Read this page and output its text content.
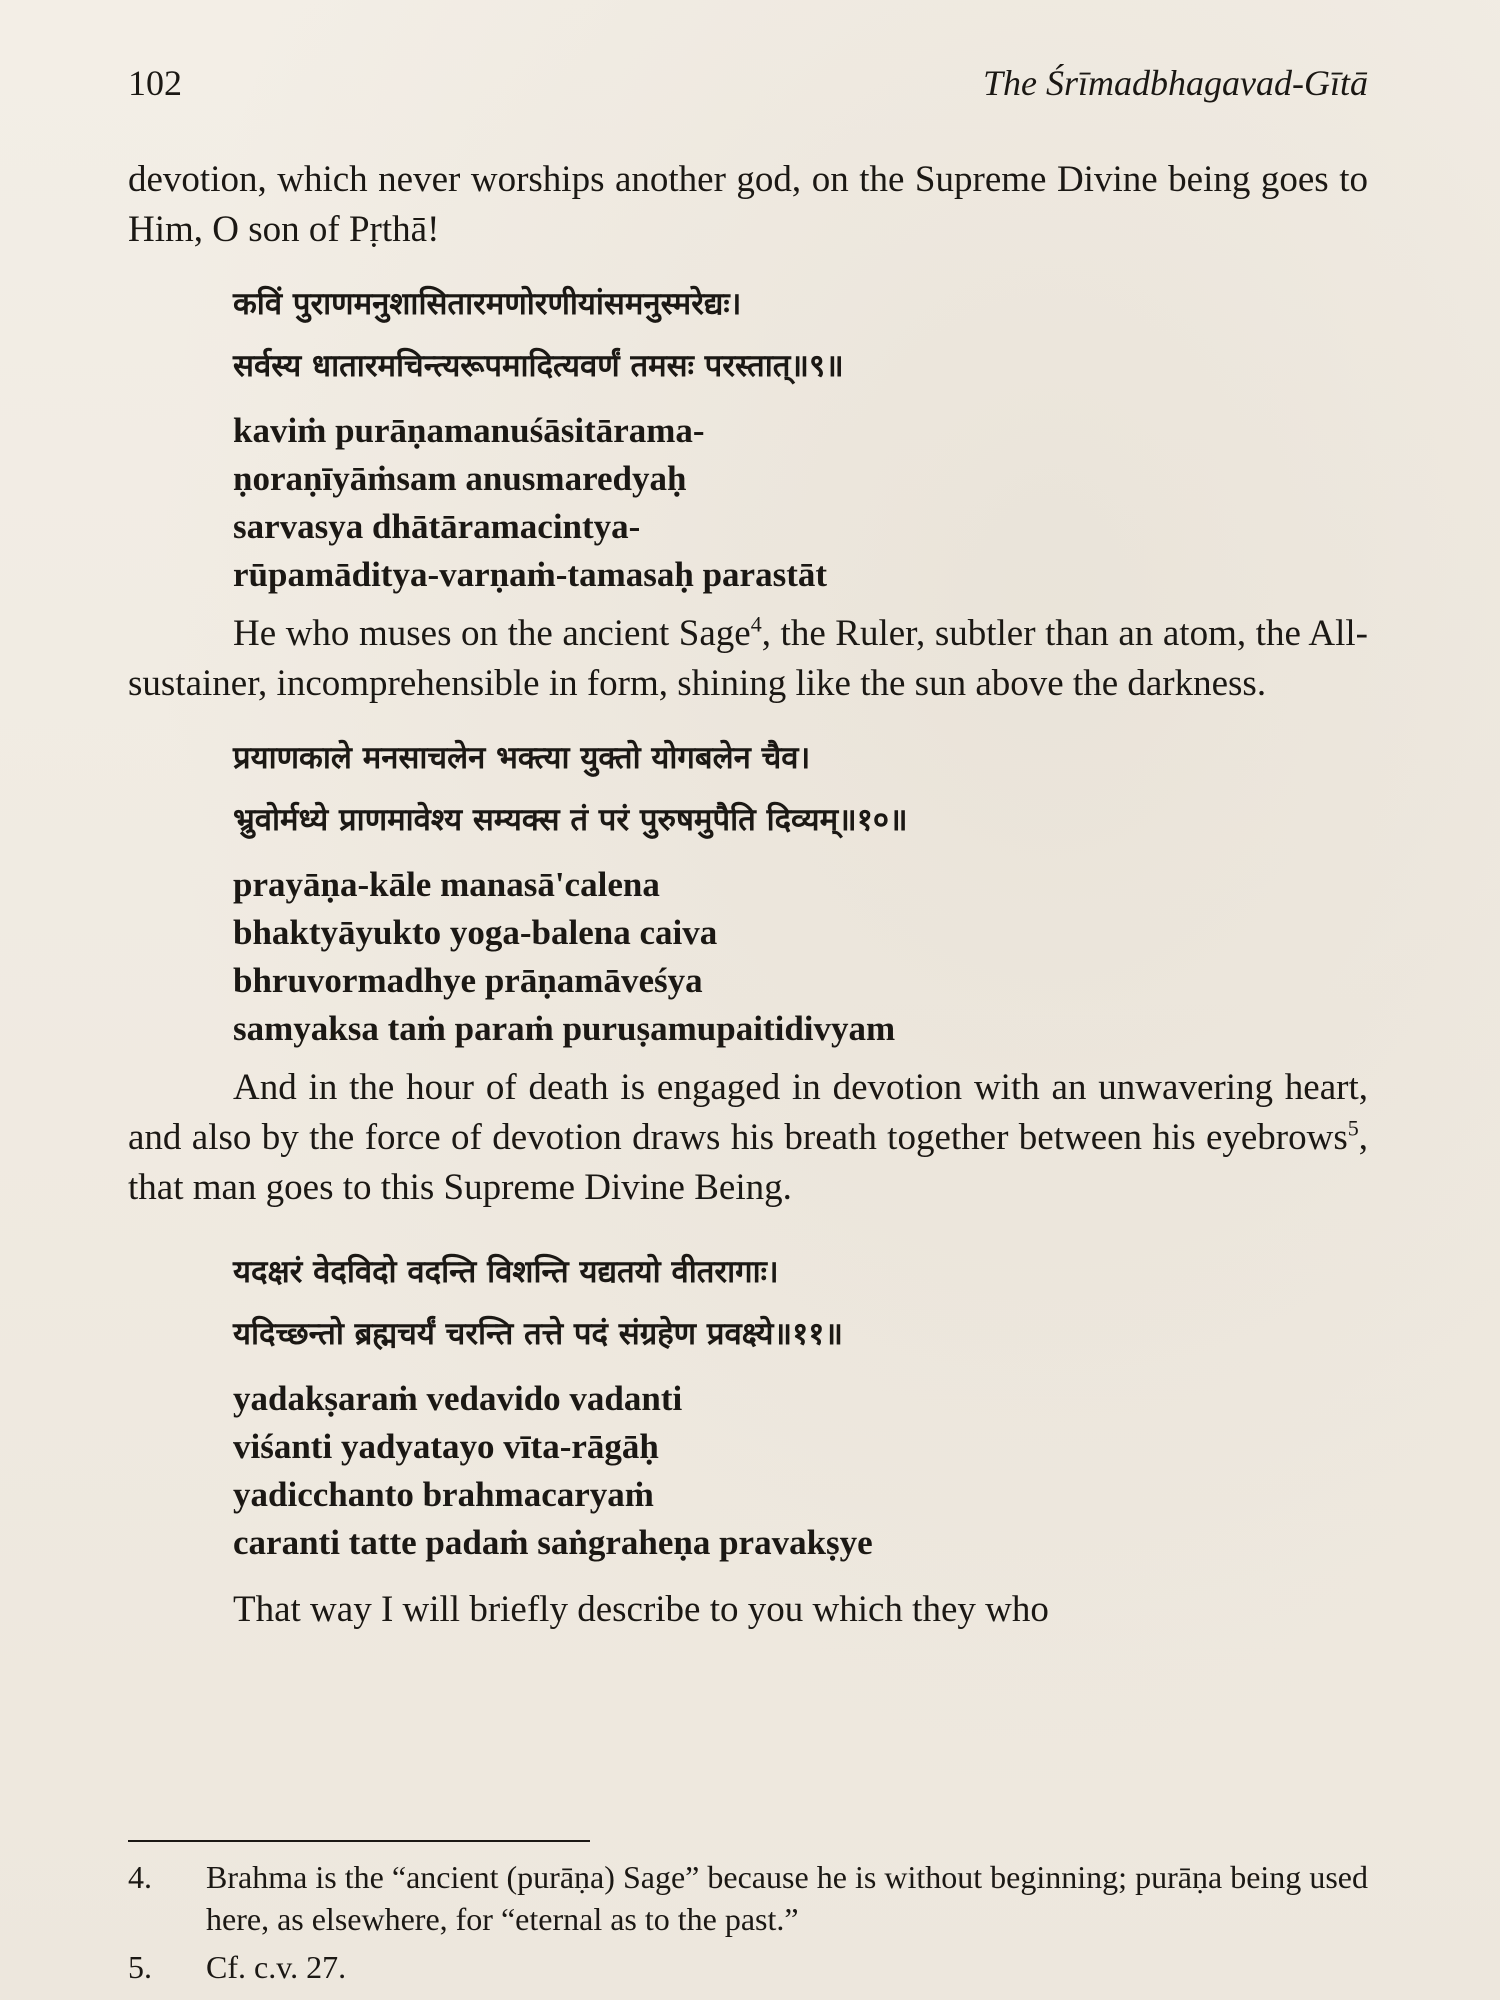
102	The Śrīmadbhagavad-Gītā

devotion, which never worships another god, on the Supreme Divine being goes to Him, O son of Pṛthā!

कविं पुराणमनुशासितारमणोरणीयांसमनुस्मरेद्यः।
सर्वस्य धातारमचिन्त्यरूपमादित्यवर्णं तमसः परस्तात्॥९॥
kaviṁ purāṇamanuśāsitārama-
ṇoraṇīyāṁsam anusmaredyaḥ
sarvasya dhātāramacintya-
rūpamāditya-varṇaṁ-tamasaḥ parastāt

He who muses on the ancient Sage$^4$, the Ruler, subtler than an atom, the All-sustainer, incomprehensible in form, shining like the sun above the darkness.

प्रयाणकाले मनसाचलेन भक्त्या युक्तो योगबलेन चैव।
भ्रुवोर्मध्ये प्राणमावेश्य सम्यक्स तं परं पुरुषमुपैति दिव्यम्॥१०॥
prayāṇa-kāle manasā'calena
bhaktyāyukto yoga-balena caiva
bhruvormadhye prāṇamāveśya
samyaksa taṁ paraṁ puruṣamupaitidivyam

And in the hour of death is engaged in devotion with an unwavering heart, and also by the force of devotion draws his breath together between his eyebrows$^5$, that man goes to this Supreme Divine Being.

यदक्षरं वेदविदो वदन्ति विशन्ति यद्यतयो वीतरागाः।
यदिच्छन्तो ब्रह्मचर्यं चरन्ति तत्ते पदं संग्रहेण प्रवक्ष्ये॥११॥
yadakṣaraṁ vedavido vadanti
viśanti yadyatayo vīta-rāgāḥ
yadicchanto brahmacaryaṁ
caranti tatte padaṁ saṅgraheṇa pravakṣye

That way I will briefly describe to you which they who

4.	Brahma is the “ancient (purāṇa) Sage” because he is without beginning; purāṇa being used here, as elsewhere, for “eternal as to the past.”
5.	Cf. c.v. 27.
